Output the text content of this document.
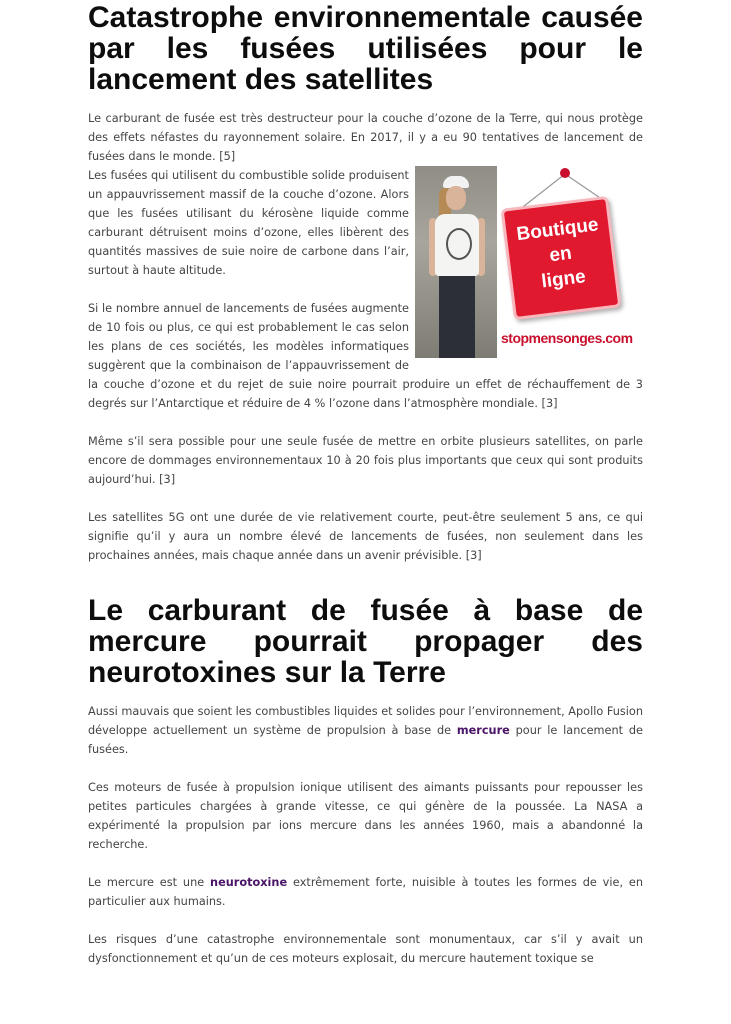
Catastrophe environnementale causée par les fusées utilisées pour le lancement des satellites

Le carburant de fusée est très destructeur pour la couche d’ozone de la Terre, qui nous protège des effets néfastes du rayonnement solaire. En 2017, il y a eu 90 tentatives de lancement de fusées dans le monde. [5]

Boutique
en
ligne
stopmensonges.com

Les fusées qui utilisent du combustible solide produisent un appauvrissement massif de la couche d’ozone. Alors que les fusées utilisant du kérosène liquide comme carburant détruisent moins d’ozone, elles libèrent des quantités massives de suie noire de carbone dans l’air, surtout à haute altitude.

Si le nombre annuel de lancements de fusées augmente de 10 fois ou plus, ce qui est probablement le cas selon les plans de ces sociétés, les modèles informatiques suggèrent que la combinaison de l’appauvrissement de la couche d’ozone et du rejet de suie noire pourrait produire un effet de réchauffement de 3 degrés sur l’Antarctique et réduire de 4 % l’ozone dans l’atmosphère mondiale. [3]

Même s’il sera possible pour une seule fusée de mettre en orbite plusieurs satellites, on parle encore de dommages environnementaux 10 à 20 fois plus importants que ceux qui sont produits aujourd’hui. [3]

Les satellites 5G ont une durée de vie relativement courte, peut-être seulement 5 ans, ce qui signifie qu’il y aura un nombre élevé de lancements de fusées, non seulement dans les prochaines années, mais chaque année dans un avenir prévisible. [3]

Le carburant de fusée à base de mercure pourrait propager des neurotoxines sur la Terre

Aussi mauvais que soient les combustibles liquides et solides pour l’environnement, Apollo Fusion développe actuellement un système de propulsion à base de mercure pour le lancement de fusées.

Ces moteurs de fusée à propulsion ionique utilisent des aimants puissants pour repousser les petites particules chargées à grande vitesse, ce qui génère de la poussée. La NASA a expérimenté la propulsion par ions mercure dans les années 1960, mais a abandonné la recherche.

Le mercure est une neurotoxine extrêmement forte, nuisible à toutes les formes de vie, en particulier aux humains.

Les risques d’une catastrophe environnementale sont monumentaux, car s’il y avait un dysfonctionnement et qu’un de ces moteurs explosait, du mercure hautement toxique se
